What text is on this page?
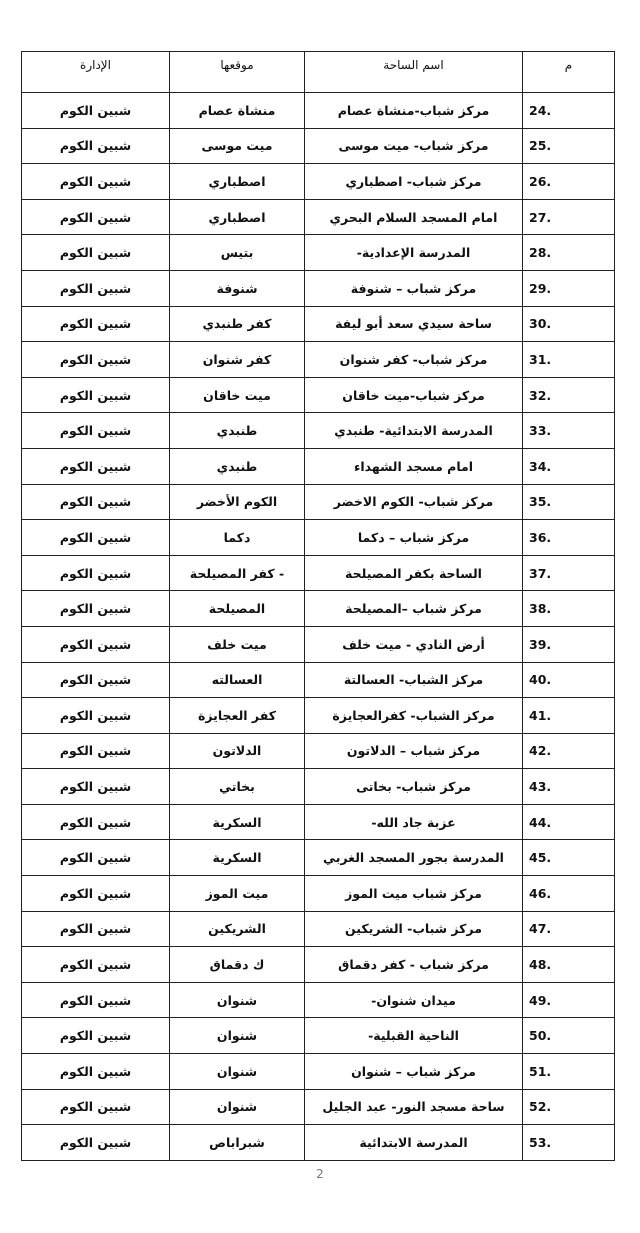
م	اسم الساحة	موقعها	الإدارة
.24	مركز شباب-منشاة عصام	منشاة عصام	شبين الكوم
.25	مركز شباب- ميت موسى	ميت موسى	شبين الكوم
.26	مركز شباب- اصطباري	اصطباري	شبين الكوم
.27	امام المسجد السلام البحري	اصطباري	شبين الكوم
.28	المدرسة الإعدادية-	بتيس	شبين الكوم
.29	مركز شباب – شنوفة	شنوفة	شبين الكوم
.30	ساحة سيدي سعد أبو ليفة	كفر طنبدي	شبين الكوم
.31	مركز شباب- كفر شنوان	كفر شنوان	شبين الكوم
.32	مركز شباب-ميت خاقان	ميت خاقان	شبين الكوم
.33	المدرسة الابتدائية- طنبدي	طنبدي	شبين الكوم
.34	امام مسجد الشهداء	طنبدي	شبين الكوم
.35	مركز شباب- الكوم الاخضر	الكوم الأخضر	شبين الكوم
.36	مركز شباب – دكما	دكما	شبين الكوم
.37	الساحة بكفر المصيلحة	- كفر المصيلحة	شبين الكوم
.38	مركز شباب –المصيلحة	المصيلحة	شبين الكوم
.39	أرض النادي - ميت خلف	ميت خلف	شبين الكوم
.40	مركز الشباب- العسالتة	العسالته	شبين الكوم
.41	مركز الشباب- كفرالعجايزة	كفر العجايزة	شبين الكوم
.42	مركز شباب – الدلاتون	الدلاتون	شبين الكوم
.43	مركز شباب- بخاتى	بخاتي	شبين الكوم
.44	عزبة جاد الله-	السكرية	شبين الكوم
.45	المدرسة بجور المسجد الغربي	السكرية	شبين الكوم
.46	مركز شباب ميت الموز	ميت الموز	شبين الكوم
.47	مركز شباب- الشريكين	الشريكين	شبين الكوم
.48	مركز شباب - كفر دقماق	ك دقماق	شبين الكوم
.49	ميدان شنوان-	شنوان	شبين الكوم
.50	الناحية القبلية-	شنوان	شبين الكوم
.51	مركز شباب – شنوان	شنوان	شبين الكوم
.52	ساحة مسجد النور- عبد الجليل	شنوان	شبين الكوم
.53	المدرسة الابتدائية	شبراباص	شبين الكوم
2
